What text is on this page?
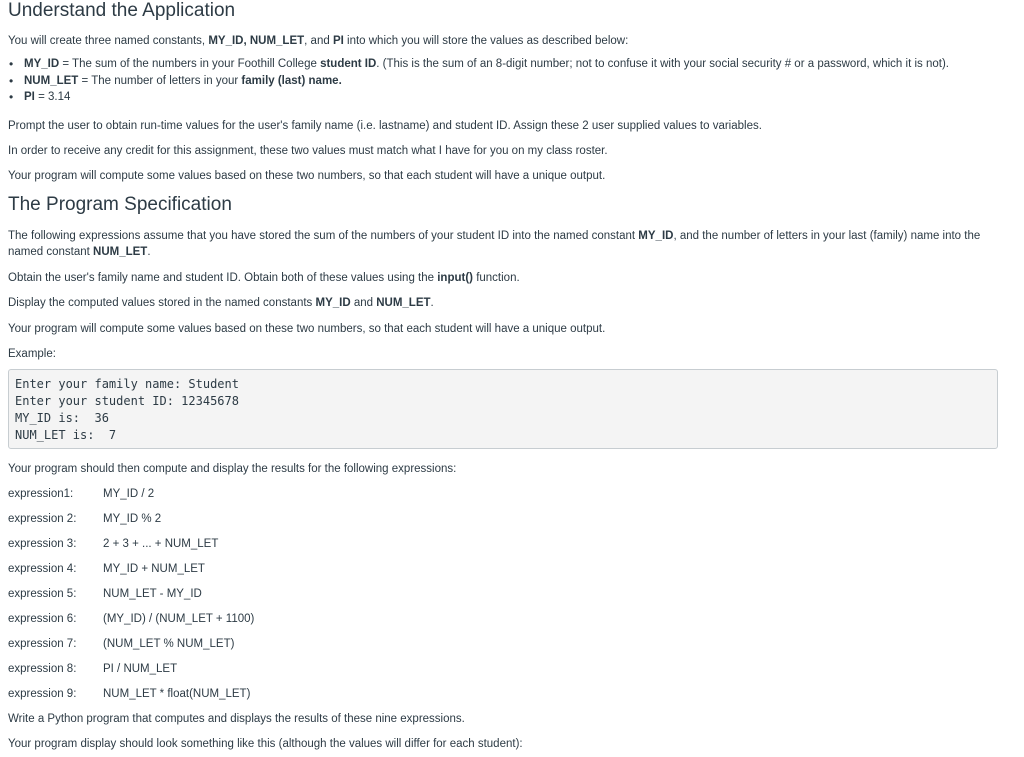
Understand the Application

You will create three named constants, MY_ID, NUM_LET, and PI into which you will store the values as described below:

• MY_ID = The sum of the numbers in your Foothill College student ID. (This is the sum of an 8-digit number; not to confuse it with your social security # or a password, which it is not).
• NUM_LET = The number of letters in your family (last) name.
• PI = 3.14

Prompt the user to obtain run-time values for the user's family name (i.e. lastname) and student ID. Assign these 2 user supplied values to variables.

In order to receive any credit for this assignment, these two values must match what I have for you on my class roster.

Your program will compute some values based on these two numbers, so that each student will have a unique output.

The Program Specification

The following expressions assume that you have stored the sum of the numbers of your student ID into the named constant MY_ID, and the number of letters in your last (family) name into the named constant NUM_LET.

Obtain the user's family name and student ID. Obtain both of these values using the input() function.

Display the computed values stored in the named constants MY_ID and NUM_LET.

Your program will compute some values based on these two numbers, so that each student will have a unique output.

Example:

Enter your family name: Student
Enter your student ID: 12345678
MY_ID is:  36
NUM_LET is:  7

Your program should then compute and display the results for the following expressions:

expression1:	MY_ID / 2
expression 2: MY_ID % 2
expression 3: 2 + 3 + ... + NUM_LET
expression 4: MY_ID + NUM_LET
expression 5: NUM_LET - MY_ID
expression 6: (MY_ID) / (NUM_LET + 1100)
expression 7: (NUM_LET % NUM_LET)
expression 8: PI / NUM_LET
expression 9: NUM_LET * float(NUM_LET)

Write a Python program that computes and displays the results of these nine expressions.

Your program display should look something like this (although the values will differ for each student):
